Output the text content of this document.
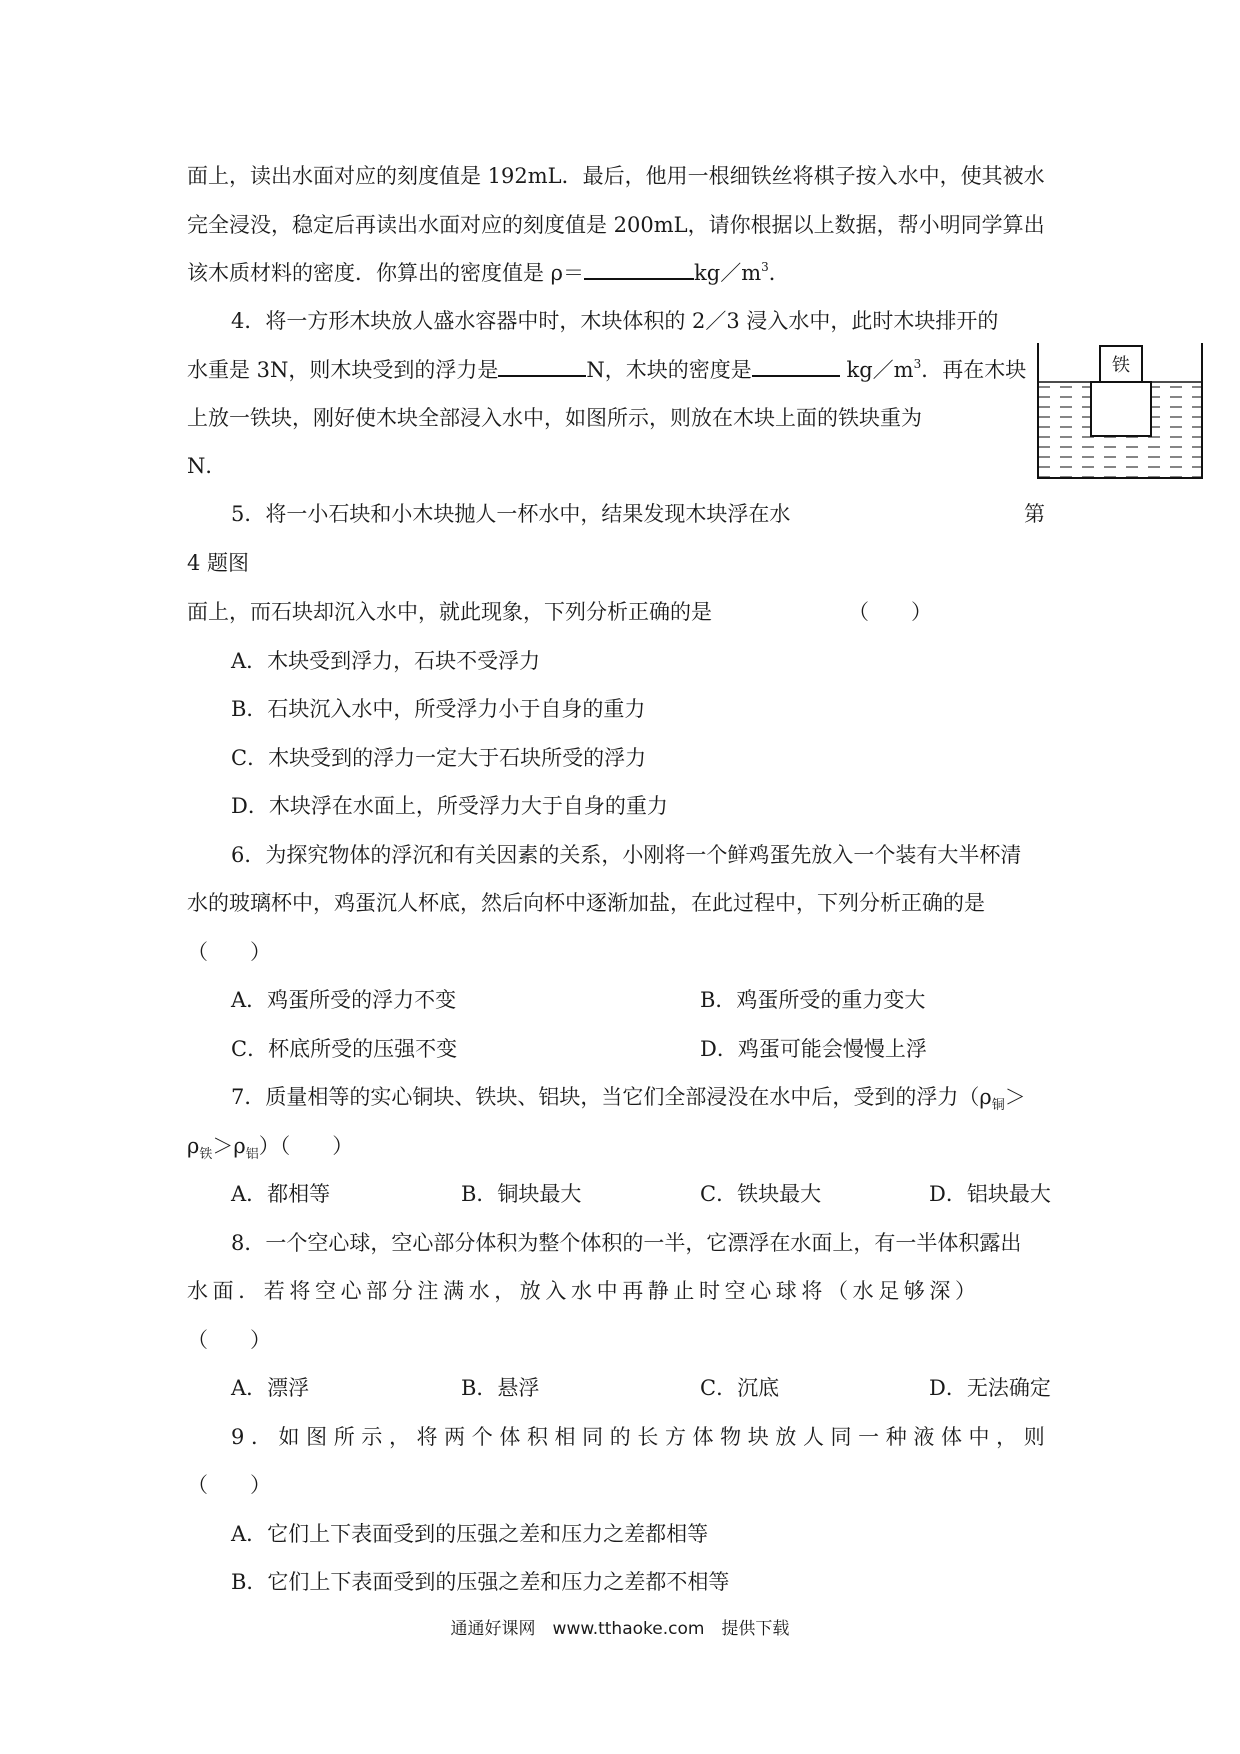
面上，读出水面对应的刻度值是 192mL．最后，他用一根细铁丝将棋子按入水中，使其被水
完全浸没，稳定后再读出水面对应的刻度值是 200mL，请你根据以上数据，帮小明同学算出
该木质材料的密度．你算出的密度值是 ρ＝	$kg/m^3$．
4．将一方形木块放人盛水容器中时，木块体积的 2／3 浸入水中，此时木块排开的
水重是 3N，则木块受到的浮力是	N，木块的密度是	$kg/m^3$．再在木块
上放一铁块，刚好使木块全部浸入水中，如图所示，则放在木块上面的铁块重为
N．
铁
5．将一小石块和小木块抛人一杯水中，结果发现木块浮在水	第
4 题图
面上，而石块却沉入水中，就此现象，下列分析正确的是	（　　）
A．木块受到浮力，石块不受浮力
B．石块沉入水中，所受浮力小于自身的重力
C．木块受到的浮力一定大于石块所受的浮力
D．木块浮在水面上，所受浮力大于自身的重力
6．为探究物体的浮沉和有关因素的关系，小刚将一个鲜鸡蛋先放入一个装有大半杯清
水的玻璃杯中，鸡蛋沉人杯底，然后向杯中逐渐加盐，在此过程中，下列分析正确的是
（　　）
A．鸡蛋所受的浮力不变	B．鸡蛋所受的重力变大
C．杯底所受的压强不变	D．鸡蛋可能会慢慢上浮
7．质量相等的实心铜块、铁块、铝块，当它们全部浸没在水中后，受到的浮力（$\rho_铜>$
$\rho_铁>\rho_铝$）（　　）
A．都相等	B．铜块最大	C．铁块最大	D．铝块最大
8．一个空心球，空心部分体积为整个体积的一半，它漂浮在水面上，有一半体积露出
水面．若将空心部分注满水，放入水中再静止时空心球将（水足够深）
（　　）
A．漂浮	B．悬浮	C．沉底	D．无法确定
9．如图所示，将两个体积相同的长方体物块放人同一种液体中，则
（　　）
A．它们上下表面受到的压强之差和压力之差都相等
B．它们上下表面受到的压强之差和压力之差都不相等
通通好课网　www.tthaoke.com　提供下载
